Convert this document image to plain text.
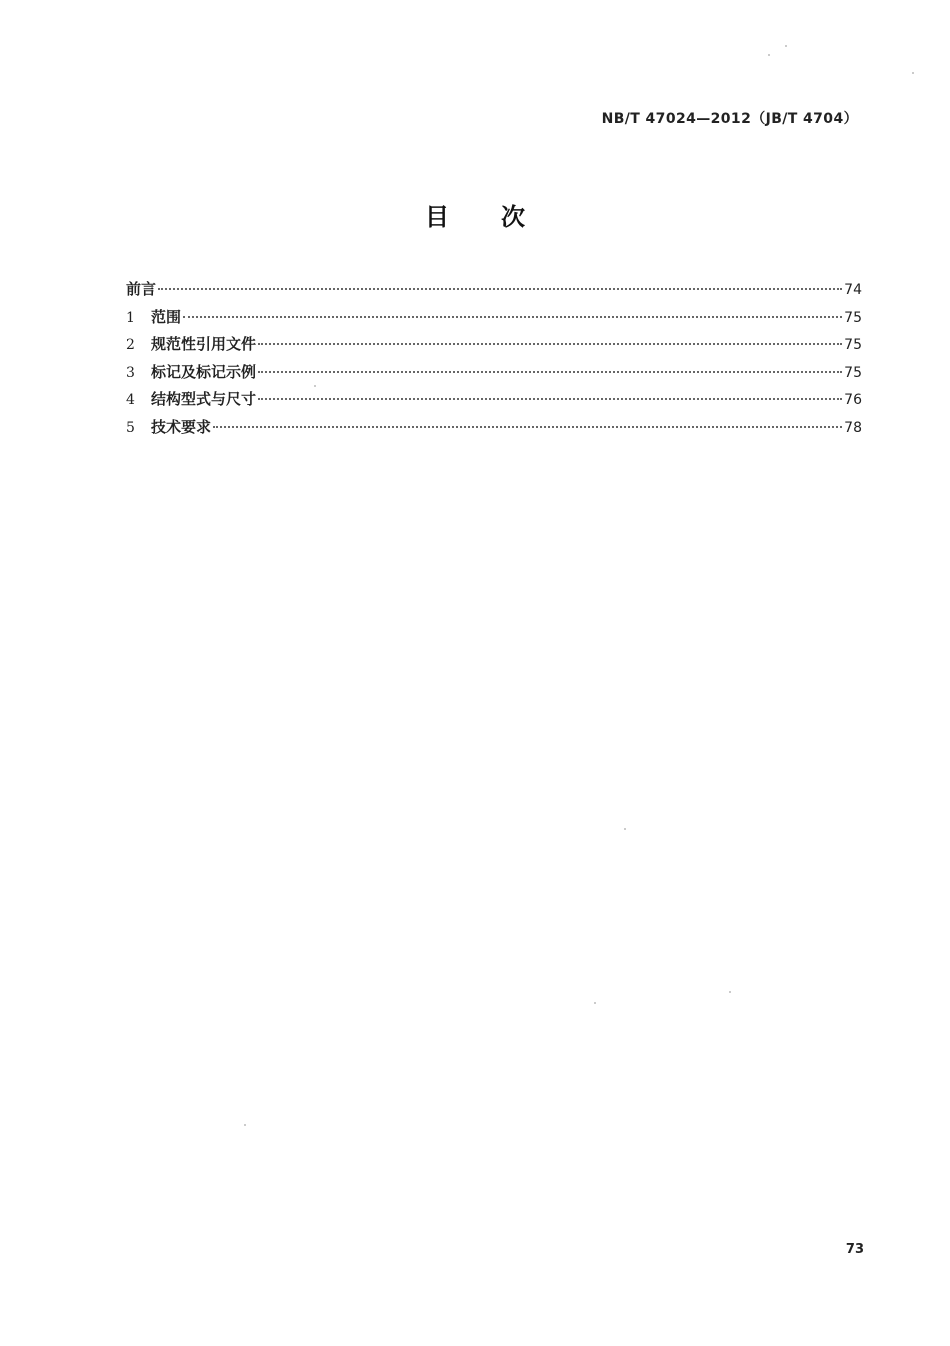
NB/T 47024—2012（JB/T 4704）
目 次
前言	74
1	范围	75
2	规范性引用文件	75
3	标记及标记示例	75
4	结构型式与尺寸	76
5	技术要求	78
73
